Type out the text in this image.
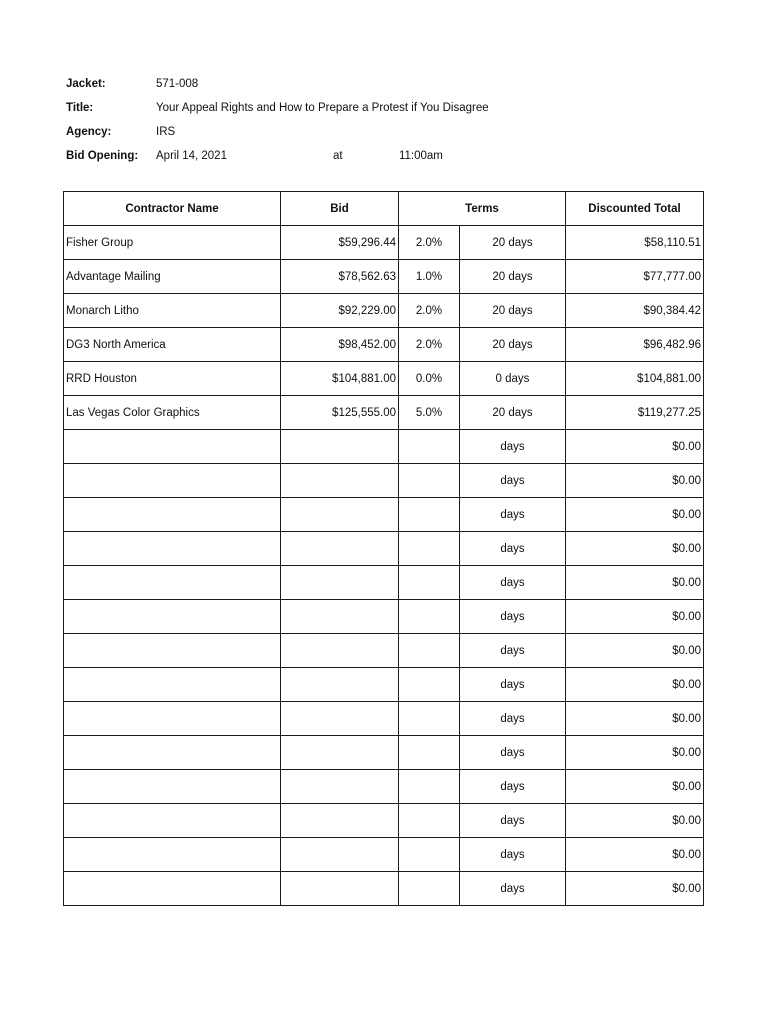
Jacket:	571-008
Title:	Your Appeal Rights and How to Prepare a Protest if You Disagree
Agency:	IRS
Bid Opening:	April 14, 2021	at	11:00am
Contractor Name	Bid	Terms		Discounted Total
Fisher Group	$59,296.44	2.0%	20 days	$58,110.51
Advantage Mailing	$78,562.63	1.0%	20 days	$77,777.00
Monarch Litho	$92,229.00	2.0%	20 days	$90,384.42
DG3 North America	$98,452.00	2.0%	20 days	$96,482.96
RRD Houston	$104,881.00	0.0%	0 days	$104,881.00
Las Vegas Color Graphics	$125,555.00	5.0%	20 days	$119,277.25
			days	$0.00
			days	$0.00
			days	$0.00
			days	$0.00
			days	$0.00
			days	$0.00
			days	$0.00
			days	$0.00
			days	$0.00
			days	$0.00
			days	$0.00
			days	$0.00
			days	$0.00
			days	$0.00
